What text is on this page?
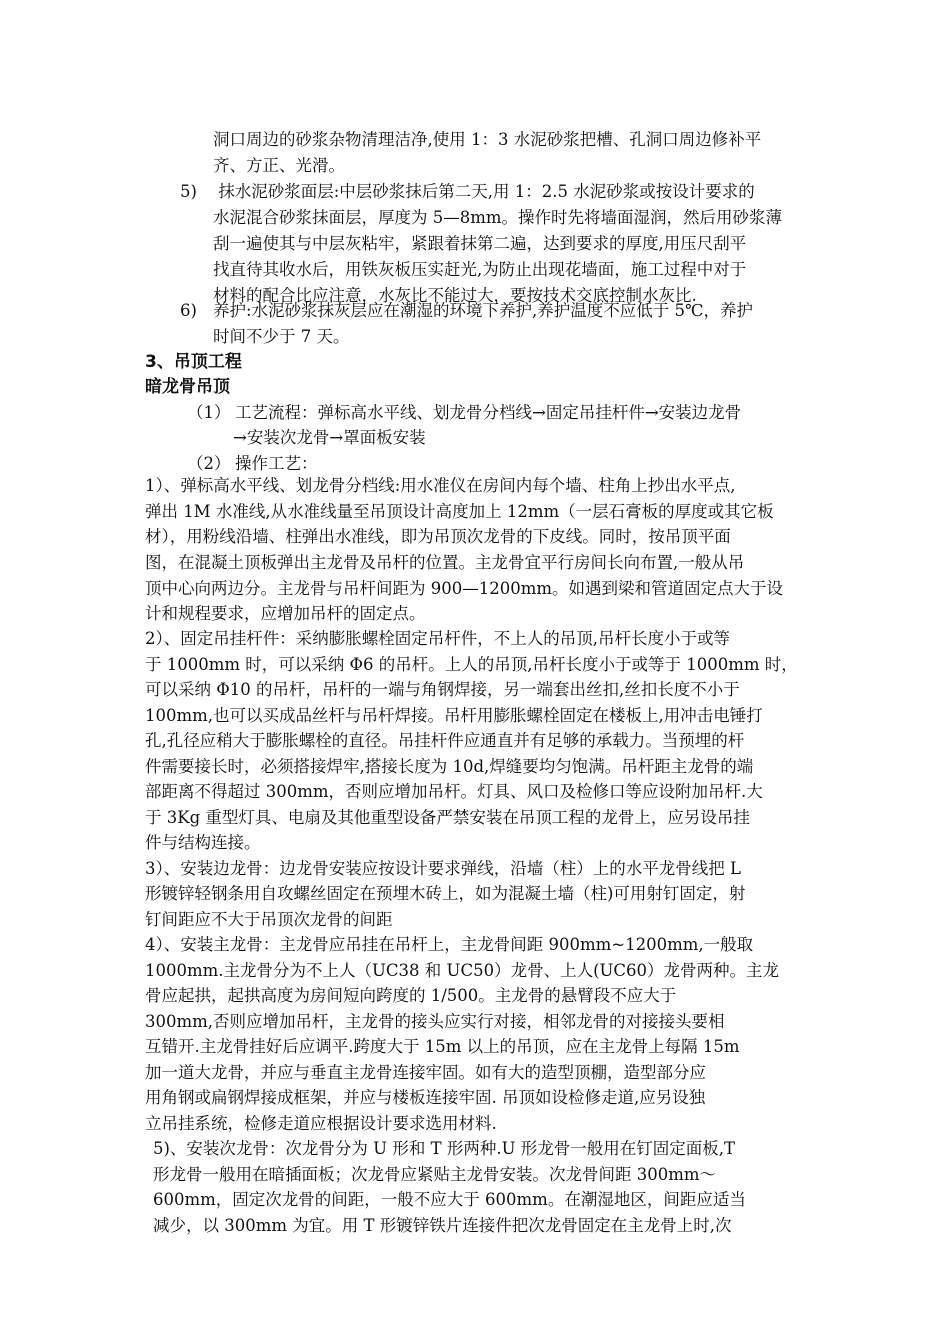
洞口周边的砂浆杂物清理洁净,使用 1：3 水泥砂浆把槽、孔洞口周边修补平
齐、方正、光滑。
5) 抹水泥砂浆面层:中层砂浆抹后第二天,用 1：2.5 水泥砂浆或按设计要求的
水泥混合砂浆抹面层，厚度为 5—8mm。操作时先将墙面湿润，然后用砂浆薄
刮一遍使其与中层灰粘牢，紧跟着抹第二遍，达到要求的厚度,用压尺刮平
找直待其收水后，用铁灰板压实赶光,为防止出现花墙面，施工过程中对于
材料的配合比应注意，水灰比不能过大，要按技术交底控制水灰比.
6) 养护:水泥砂浆抹灰层应在潮湿的环境下养护,养护温度不应低于 5℃，养护
时间不少于 7 天。
3、吊顶工程
暗龙骨吊顶
（1） 工艺流程：弹标高水平线、划龙骨分档线→固定吊挂杆件→安装边龙骨
→安装次龙骨→罩面板安装
（2） 操作工艺：
1）、弹标高水平线、划龙骨分档线:用水准仪在房间内每个墙、柱角上抄出水平点,
弹出 1M 水准线,从水准线量至吊顶设计高度加上 12mm（一层石膏板的厚度或其它板
材），用粉线沿墙、柱弹出水准线，即为吊顶次龙骨的下皮线。同时，按吊顶平面
图，在混凝土顶板弹出主龙骨及吊杆的位置。主龙骨宜平行房间长向布置,一般从吊
顶中心向两边分。主龙骨与吊杆间距为 900—1200mm。如遇到梁和管道固定点大于设
计和规程要求，应增加吊杆的固定点。
2）、固定吊挂杆件：采纳膨胀螺栓固定吊杆件，不上人的吊顶,吊杆长度小于或等
于 1000mm 时，可以采纳 Φ6 的吊杆。上人的吊顶,吊杆长度小于或等于 1000mm 时，
可以采纳 Φ10 的吊杆，吊杆的一端与角钢焊接，另一端套出丝扣,丝扣长度不小于
100mm,也可以买成品丝杆与吊杆焊接。吊杆用膨胀螺栓固定在楼板上,用冲击电锤打
孔,孔径应稍大于膨胀螺栓的直径。吊挂杆件应通直并有足够的承载力。当预埋的杆
件需要接长时，必须搭接焊牢,搭接长度为 10d,焊缝要均匀饱满。吊杆距主龙骨的端
部距离不得超过 300mm，否则应增加吊杆。灯具、风口及检修口等应设附加吊杆.大
于 3Kg 重型灯具、电扇及其他重型设备严禁安装在吊顶工程的龙骨上，应另设吊挂
件与结构连接。
3）、安装边龙骨：边龙骨安装应按设计要求弹线，沿墙（柱）上的水平龙骨线把 L
形镀锌轻钢条用自攻螺丝固定在预埋木砖上，如为混凝土墙（柱)可用射钉固定，射
钉间距应不大于吊顶次龙骨的间距
4）、安装主龙骨：主龙骨应吊挂在吊杆上，主龙骨间距 900mm~1200mm,一般取
1000mm.主龙骨分为不上人（UC38 和 UC50）龙骨、上人(UC60）龙骨两种。主龙
骨应起拱，起拱高度为房间短向跨度的 1/500。主龙骨的悬臂段不应大于
300mm,否则应增加吊杆，主龙骨的接头应实行对接，相邻龙骨的对接接头要相
互错开.主龙骨挂好后应调平.跨度大于 15m 以上的吊顶，应在主龙骨上每隔 15m
加一道大龙骨，并应与垂直主龙骨连接牢固。如有大的造型顶棚，造型部分应
用角钢或扁钢焊接成框架，并应与楼板连接牢固. 吊顶如设检修走道,应另设独
立吊挂系统，检修走道应根据设计要求选用材料.
5)、安装次龙骨：次龙骨分为 U 形和 T 形两种.U 形龙骨一般用在钉固定面板,T
形龙骨一般用在暗插面板；次龙骨应紧贴主龙骨安装。次龙骨间距 300mm～
600mm，固定次龙骨的间距，一般不应大于 600mm。在潮湿地区，间距应适当
减少，以 300mm 为宜。用 T 形镀锌铁片连接件把次龙骨固定在主龙骨上时,次
